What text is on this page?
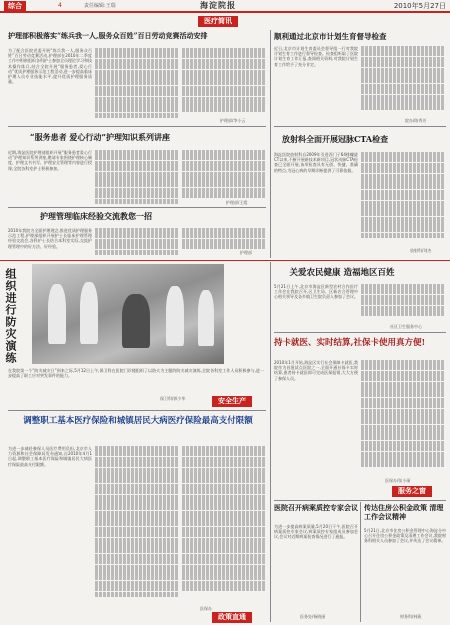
综合	4	责任编辑:王瑞	海淀院报	2010年5月27日
医疗简讯
护理部积极落实“练兵我一人,服务众百姓”百日劳动竞赛活动安排
为了配合医院党委开展“练兵我一人,服务众百姓”百日劳动竞赛活动,护理部在2010年二季度工作中积极组织各科护士参加全员理论学习和技术操作练兵,结合全院开展“服务患者,爱心行动”优质护理服务示范工程活动,进一步提高临床护理人员专业技能水平,提升优质护理服务质量。
护理部/李小云
“服务患者 爱心行动”护理知识系列讲座
近期,海淀医院护理部组织开展“服务患者爱心行动”护理知识系列讲座,邀请专家围绕护理核心制度、护理文书书写、护理安全管理等内容进行授课,全院各科室护士积极参加。
护理部/王霞
护理管理临床经验交流教您一招
2010年我院为全面护理理念,推进优质护理服务示范工程,护理部组织开展护士长临床护理管理经验交流会,各科护士长结合本科室实际,交流护理管理中的好方法、好经验。
护理部
顺利通过北京市计划生育督导检查
近日,北京市计划生育委员会督导组一行对我院计划生育工作进行督导检查。检查组听取了医院计划生育工作汇报,查阅相关资料,对我院计划生育工作给予了充分肯定。
院办/陈秀芳
放射科全面开展冠脉CTA检查
海淀医院放射科自2009年引进西门子64排螺旋CT以来,不断开展新技术新项目,冠状动脉CTA检查已全面开展,该项检查具有无创、快捷、准确的特点,为冠心病的早期诊断提供了可靠依据。
放射科/刘杰
组织进行防灾演练
在我院第一个“防灾减灾日”到来之际,5月12日上午,保卫科在医院门诊楼组织了以防火为主题的防灾减灾演练,全院各科室工作人员积极参与,进一步提高了职工应对突发事件的能力。
保卫科/郭少华	安全生产
调整职工基本医疗保险和城镇居民大病医疗保险最高支付限额
为进一步减轻参保人员医疗费用负担,北京市人力资源和社会保障局发布通知,自2010年4月1日起,调整职工基本医疗保险和城镇居民大病医疗保险最高支付限额。
医保办
政策直通
关爱农民健康 造福地区百姓
5月21日上午,北京市海淀区新型农村合作医疗工作会在我院召开,区卫生局、区新农合管理中心相关领导及各乡镇卫生院负责人参加了会议。
社区卫生服务中心
持卡就医、实时结算,社保卡使用真方便!
2010年1月开始,海淀区实行社会保障卡就医,我院作为首批试点医院之一,全面开通社保卡实时结算,患者持卡就医即可完成医保报销,大大方便了参保人员。
医保办/张小丽
服务之窗
医院召开病案质控专家会议
为进一步提高病案质量,5月20日下午,医院召开病案质控专家会议,病案质控专家组成员参加会议,会议对近期病案检查情况进行了通报。
医务处/杨晓丽
传达住房公积金政策 清理工作会议精神
5月21日,北京市住房公积金管理中心海淀分中心召开住房公积金政策及清理工作会议,我院财务科相关人员参加了会议,并传达了会议精神。
财务科/林燕
